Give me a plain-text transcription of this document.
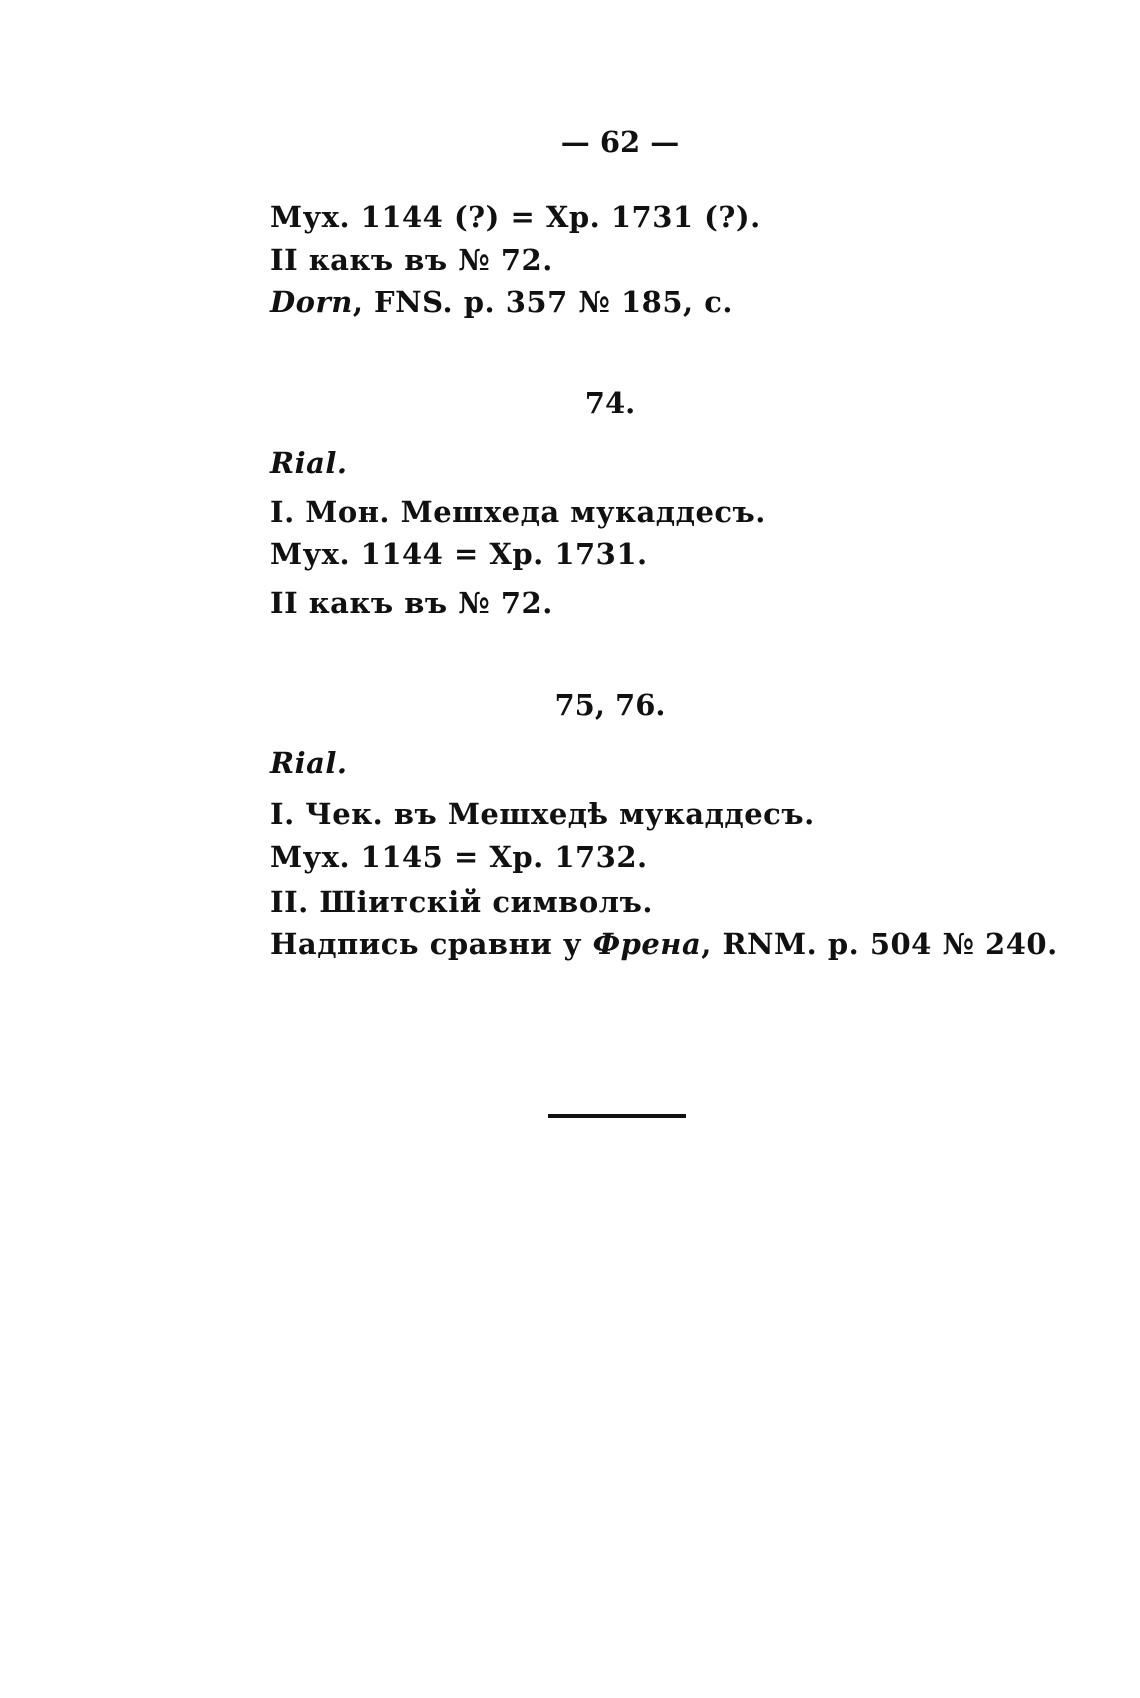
— 62 —
Мух. 1144 (?) = Хр. 1731 (?).
II какъ въ № 72.
Dorn, FNS. p. 357 № 185, c.
74.
Rial.
I. Мон. Мешхеда мукаддесъ.
Мух. 1144 = Хр. 1731.
II какъ въ № 72.
75, 76.
Rial.
I. Чек. въ Мешхедѣ мукаддесъ.
Мух. 1145 = Хр. 1732.
II. Шіитскій символъ.
Надпись сравни у Френа, RNM. p. 504 № 240.
